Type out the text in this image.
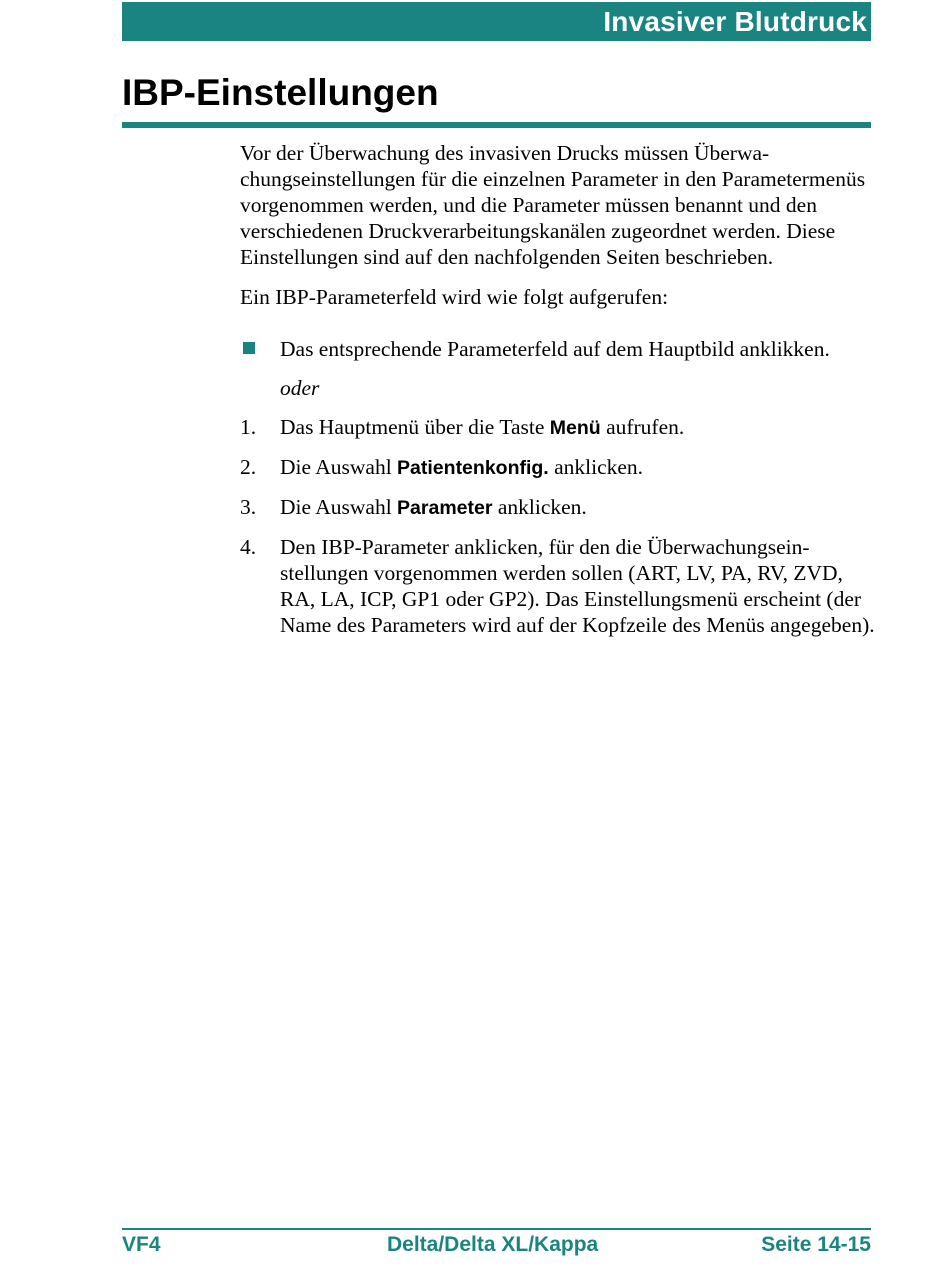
Invasiver Blutdruck
IBP-Einstellungen

Vor der Überwachung des invasiven Drucks müssen Überwachungseinstellungen für die einzelnen Parameter in den Parametermenüs vorgenommen werden, und die Parameter müssen benannt und den verschiedenen Druckverarbeitungskanälen zugeordnet werden. Diese Einstellungen sind auf den nachfolgenden Seiten beschrieben.

Ein IBP-Parameterfeld wird wie folgt aufgerufen:

Das entsprechende Parameterfeld auf dem Hauptbild anklikken.
oder
1. Das Hauptmenü über die Taste Menü aufrufen.
2. Die Auswahl Patientenkonfig. anklicken.
3. Die Auswahl Parameter anklicken.
4. Den IBP-Parameter anklicken, für den die Überwachungseinstellungen vorgenommen werden sollen (ART, LV, PA, RV, ZVD, RA, LA, ICP, GP1 oder GP2). Das Einstellungsmenü erscheint (der Name des Parameters wird auf der Kopfzeile des Menüs angegeben).
VF4	Delta/Delta XL/Kappa	Seite 14-15
